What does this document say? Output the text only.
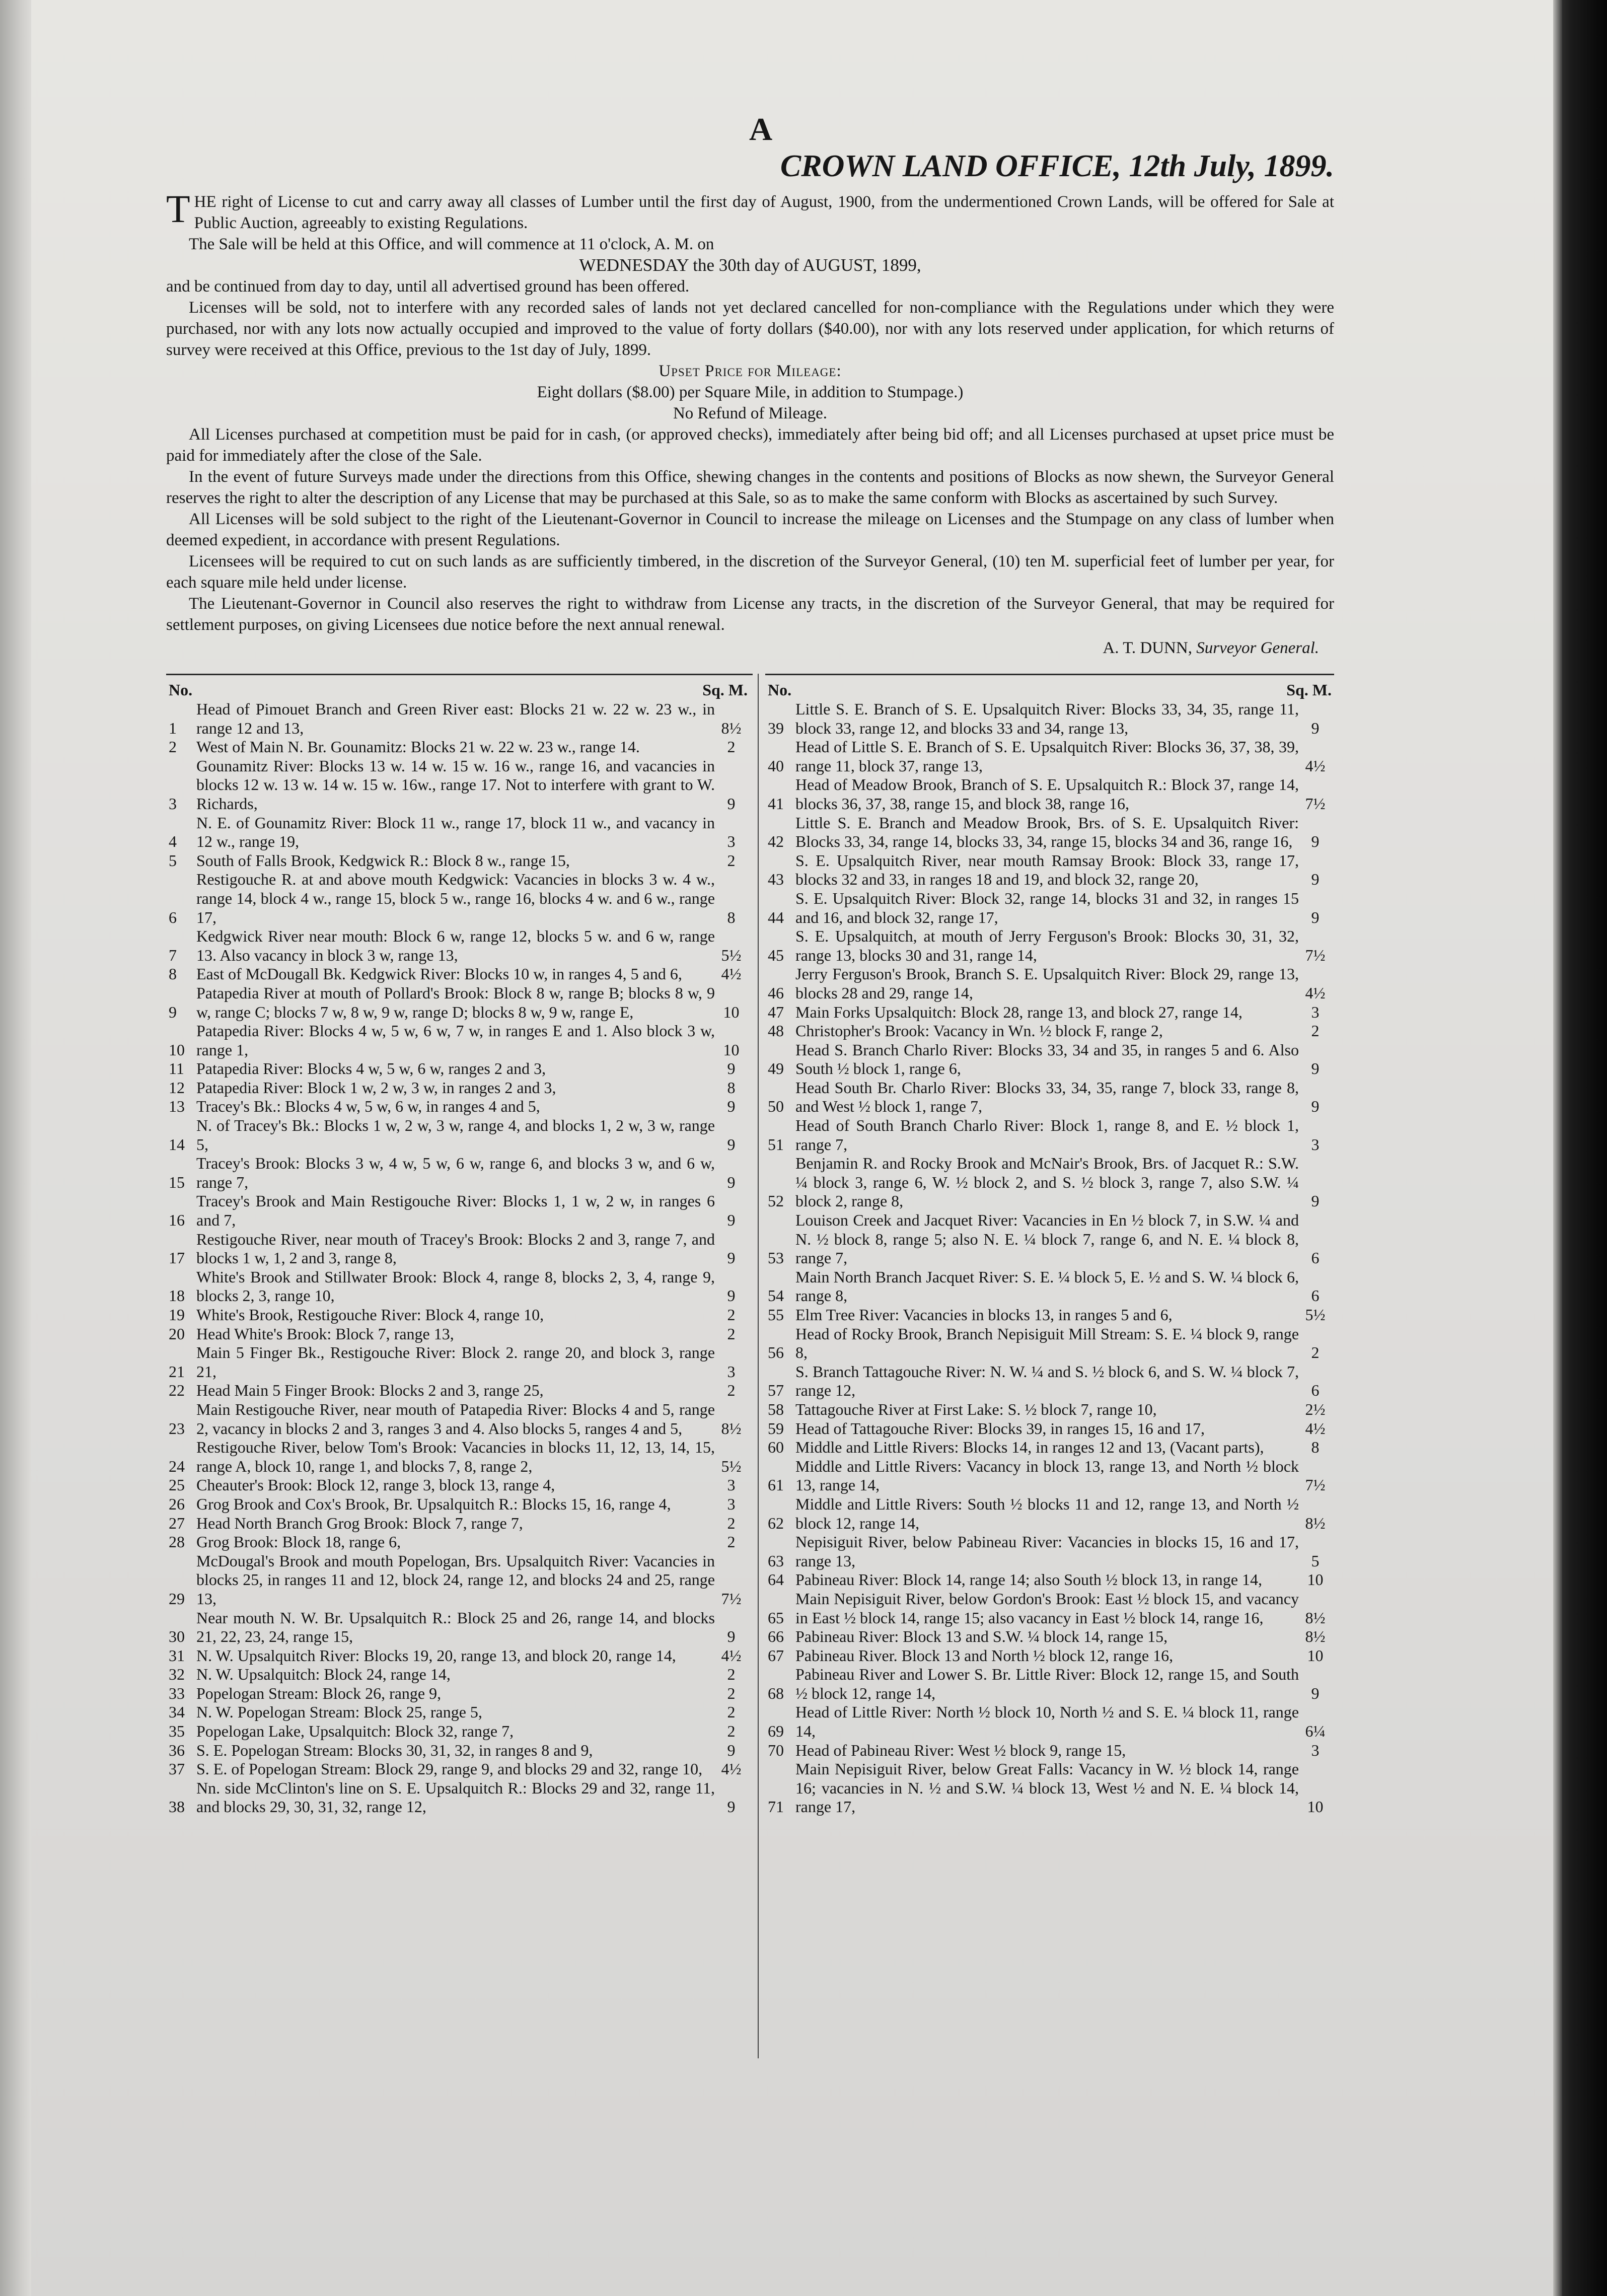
A
CROWN LAND OFFICE, 12th July, 1899.

THE right of License to cut and carry away all classes of Lumber until the first day of August, 1900, from the undermentioned Crown Lands, will be offered for Sale at Public Auction, agreeably to existing Regulations.

The Sale will be held at this Office, and will commence at 11 o'clock, A. M. on

WEDNESDAY the 30th day of AUGUST, 1899,

and be continued from day to day, until all advertised ground has been offered.

Licenses will be sold, not to interfere with any recorded sales of lands not yet declared cancelled for non-compliance with the Regulations under which they were purchased, nor with any lots now actually occupied and improved to the value of forty dollars ($40.00), nor with any lots reserved under application, for which returns of survey were received at this Office, previous to the 1st day of July, 1899.

Upset Price for Mileage:

Eight dollars ($8.00) per Square Mile, in addition to Stumpage.)

No Refund of Mileage.

All Licenses purchased at competition must be paid for in cash, (or approved checks), immediately after being bid off; and all Licenses purchased at upset price must be paid for immediately after the close of the Sale.

In the event of future Surveys made under the directions from this Office, shewing changes in the contents and positions of Blocks as now shewn, the Surveyor General reserves the right to alter the description of any License that may be purchased at this Sale, so as to make the same conform with Blocks as ascertained by such Survey.

All Licenses will be sold subject to the right of the Lieutenant-Governor in Council to increase the mileage on Licenses and the Stumpage on any class of lumber when deemed expedient, in accordance with present Regulations.

Licensees will be required to cut on such lands as are sufficiently timbered, in the discretion of the Surveyor General, (10) ten M. superficial feet of lumber per year, for each square mile held under license.

The Lieutenant-Governor in Council also reserves the right to withdraw from License any tracts, in the discretion of the Surveyor General, that may be required for settlement purposes, on giving Licensees due notice before the next annual renewal.

A. T. DUNN, Surveyor General.
No.	Sq. M.
1
Head of Pimouet Branch and Green River east: Blocks 21 w. 22 w. 23 w., in range 12 and 13,	8½
2	West of Main N. Br. Gounamitz: Blocks 21 w. 22 w. 23 w., range 14.	2
3
Gounamitz River: Blocks 13 w. 14 w. 15 w. 16 w., range 16, and vacancies in blocks 12 w. 13 w. 14 w. 15 w. 16w., range 17. Not to interfere with grant to W. Richards,	9
4
N. E. of Gounamitz River: Block 11 w., range 17, block 11 w., and vacancy in 12 w., range 19,	3
5	South of Falls Brook, Kedgwick R.: Block 8 w., range 15,	2
6
Restigouche R. at and above mouth Kedgwick: Vacancies in blocks 3 w. 4 w., range 14, block 4 w., range 15, block 5 w., range 16, blocks 4 w. and 6 w., range 17,	8
7
Kedgwick River near mouth: Block 6 w, range 12, blocks 5 w. and 6 w, range 13. Also vacancy in block 3 w, range 13,	5½
8	East of McDougall Bk. Kedgwick River: Blocks 10 w, in ranges 4, 5 and 6,	4½
9
Patapedia River at mouth of Pollard's Brook: Block 8 w, range B; blocks 8 w, 9 w, range C; blocks 7 w, 8 w, 9 w, range D; blocks 8 w, 9 w, range E,	10
10
Patapedia River: Blocks 4 w, 5 w, 6 w, 7 w, in ranges E and 1. Also block 3 w, range 1,	10
11 Patapedia River: Blocks 4 w, 5 w, 6 w, ranges 2 and 3,	9
12 Patapedia River: Block 1 w, 2 w, 3 w, in ranges 2 and 3,	8
13 Tracey's Bk.: Blocks 4 w, 5 w, 6 w, in ranges 4 and 5,	9
14
N. of Tracey's Bk.: Blocks 1 w, 2 w, 3 w, range 4, and blocks 1, 2 w, 3 w, range 5,	9
15
Tracey's Brook: Blocks 3 w, 4 w, 5 w, 6 w, range 6, and blocks 3 w, and 6 w, range 7,	9
16
Tracey's Brook and Main Restigouche River: Blocks 1, 1 w, 2 w, in ranges 6 and 7,	9
17
Restigouche River, near mouth of Tracey's Brook: Blocks 2 and 3, range 7, and blocks 1 w, 1, 2 and 3, range 8,	9
18
White's Brook and Stillwater Brook: Block 4, range 8, blocks 2, 3, 4, range 9, blocks 2, 3, range 10,	9
19 White's Brook, Restigouche River: Block 4, range 10,	2
20 Head White's Brook: Block 7, range 13,	2
21
Main 5 Finger Bk., Restigouche River: Block 2. range 20, and block 3, range 21,	3
22 Head Main 5 Finger Brook: Blocks 2 and 3, range 25,	2
23
Main Restigouche River, near mouth of Patapedia River: Blocks 4 and 5, range 2, vacancy in blocks 2 and 3, ranges 3 and 4. Also blocks 5, ranges 4 and 5,	8½
24
Restigouche River, below Tom's Brook: Vacancies in blocks 11, 12, 13, 14, 15, range A, block 10, range 1, and blocks 7, 8, range 2,	5½
25 Cheauter's Brook: Block 12, range 3, block 13, range 4,	3
26 Grog Brook and Cox's Brook, Br. Upsalquitch R.: Blocks 15, 16, range 4,	3
27 Head North Branch Grog Brook: Block 7, range 7,	2
28 Grog Brook: Block 18, range 6,	2
29
McDougal's Brook and mouth Popelogan, Brs. Upsalquitch River: Vacancies in blocks 25, in ranges 11 and 12, block 24, range 12, and blocks 24 and 25, range 13,	7½
30
Near mouth N. W. Br. Upsalquitch R.: Block 25 and 26, range 14, and blocks 21, 22, 23, 24, range 15,	9
31 N. W. Upsalquitch River: Blocks 19, 20, range 13, and block 20, range 14,	4½
32 N. W. Upsalquitch: Block 24, range 14,	2
33 Popelogan Stream: Block 26, range 9,	2
34 N. W. Popelogan Stream: Block 25, range 5,	2
35 Popelogan Lake, Upsalquitch: Block 32, range 7,	2
36 S. E. Popelogan Stream: Blocks 30, 31, 32, in ranges 8 and 9,	9
37 S. E. of Popelogan Stream: Block 29, range 9, and blocks 29 and 32, range 10,	4½
38
Nn. side McClinton's line on S. E. Upsalquitch R.: Blocks 29 and 32, range 11, and blocks 29, 30, 31, 32, range 12,	9
No.	Sq. M.
39
Little S. E. Branch of S. E. Upsalquitch River: Blocks 33, 34, 35, range 11, block 33, range 12, and blocks 33 and 34, range 13,	9
40
Head of Little S. E. Branch of S. E. Upsalquitch River: Blocks 36, 37, 38, 39, range 11, block 37, range 13,	4½
41
Head of Meadow Brook, Branch of S. E. Upsalquitch R.: Block 37, range 14, blocks 36, 37, 38, range 15, and block 38, range 16,	7½
42
Little S. E. Branch and Meadow Brook, Brs. of S. E. Upsalquitch River: Blocks 33, 34, range 14, blocks 33, 34, range 15, blocks 34 and 36, range 16,	9
43
S. E. Upsalquitch River, near mouth Ramsay Brook: Block 33, range 17, blocks 32 and 33, in ranges 18 and 19, and block 32, range 20,	9
44
S. E. Upsalquitch River: Block 32, range 14, blocks 31 and 32, in ranges 15 and 16, and block 32, range 17,	9
45
S. E. Upsalquitch, at mouth of Jerry Ferguson's Brook: Blocks 30, 31, 32, range 13, blocks 30 and 31, range 14,	7½
46
Jerry Ferguson's Brook, Branch S. E. Upsalquitch River: Block 29, range 13, blocks 28 and 29, range 14,	4½
47 Main Forks Upsalquitch: Block 28, range 13, and block 27, range 14,	3
48 Christopher's Brook: Vacancy in Wn. ½ block F, range 2,	2
49
Head S. Branch Charlo River: Blocks 33, 34 and 35, in ranges 5 and 6. Also South ½ block 1, range 6,	9
50
Head South Br. Charlo River: Blocks 33, 34, 35, range 7, block 33, range 8, and West ½ block 1, range 7,	9
51
Head of South Branch Charlo River: Block 1, range 8, and E. ½ block 1, range 7,	3
52
Benjamin R. and Rocky Brook and McNair's Brook, Brs. of Jacquet R.: S.W. ¼ block 3, range 6, W. ½ block 2, and S. ½ block 3, range 7, also S.W. ¼ block 2, range 8,	9
53
Louison Creek and Jacquet River: Vacancies in En ½ block 7, in S.W. ¼ and N. ½ block 8, range 5; also N. E. ¼ block 7, range 6, and N. E. ¼ block 8, range 7,	6
54
Main North Branch Jacquet River: S. E. ¼ block 5, E. ½ and S. W. ¼ block 6, range 8,	6
55 Elm Tree River: Vacancies in blocks 13, in ranges 5 and 6,	5½
56
Head of Rocky Brook, Branch Nepisiguit Mill Stream: S. E. ¼ block 9, range 8,	2
57
S. Branch Tattagouche River: N. W. ¼ and S. ½ block 6, and S. W. ¼ block 7, range 12,	6
58 Tattagouche River at First Lake: S. ½ block 7, range 10,	2½
59 Head of Tattagouche River: Blocks 39, in ranges 15, 16 and 17,	4½
60 Middle and Little Rivers: Blocks 14, in ranges 12 and 13, (Vacant parts),	8
61
Middle and Little Rivers: Vacancy in block 13, range 13, and North ½ block 13, range 14,	7½
62
Middle and Little Rivers: South ½ blocks 11 and 12, range 13, and North ½ block 12, range 14,	8½
63
Nepisiguit River, below Pabineau River: Vacancies in blocks 15, 16 and 17, range 13,	5
64 Pabineau River: Block 14, range 14; also South ½ block 13, in range 14,	10
65
Main Nepisiguit River, below Gordon's Brook: East ½ block 15, and vacancy in East ½ block 14, range 15; also vacancy in East ½ block 14, range 16,	8½
66 Pabineau River: Block 13 and S.W. ¼ block 14, range 15,	8½
67 Pabineau River. Block 13 and North ½ block 12, range 16,	10
68
Pabineau River and Lower S. Br. Little River: Block 12, range 15, and South ½ block 12, range 14,	9
69
Head of Little River: North ½ block 10, North ½ and S. E. ¼ block 11, range 14,	6¼
70 Head of Pabineau River: West ½ block 9, range 15,	3
71
Main Nepisiguit River, below Great Falls: Vacancy in W. ½ block 14, range 16; vacancies in N. ½ and S.W. ¼ block 13, West ½ and N. E. ¼ block 14, range 17,	10
